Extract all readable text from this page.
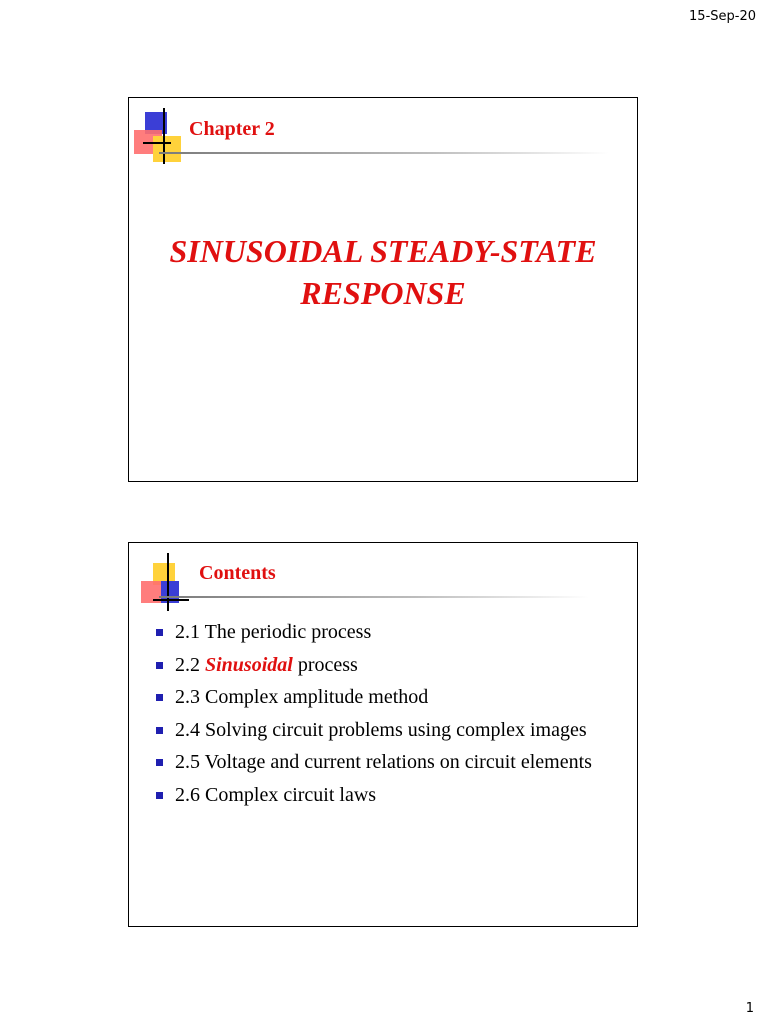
15-Sep-20
Chapter 2
SINUSOIDAL STEADY-STATE
RESPONSE
Contents
2.1 The periodic process
2.2 Sinusoidal process
2.3 Complex amplitude method
2.4 Solving circuit problems using complex images
2.5 Voltage and current relations on circuit elements
2.6 Complex circuit laws
1
